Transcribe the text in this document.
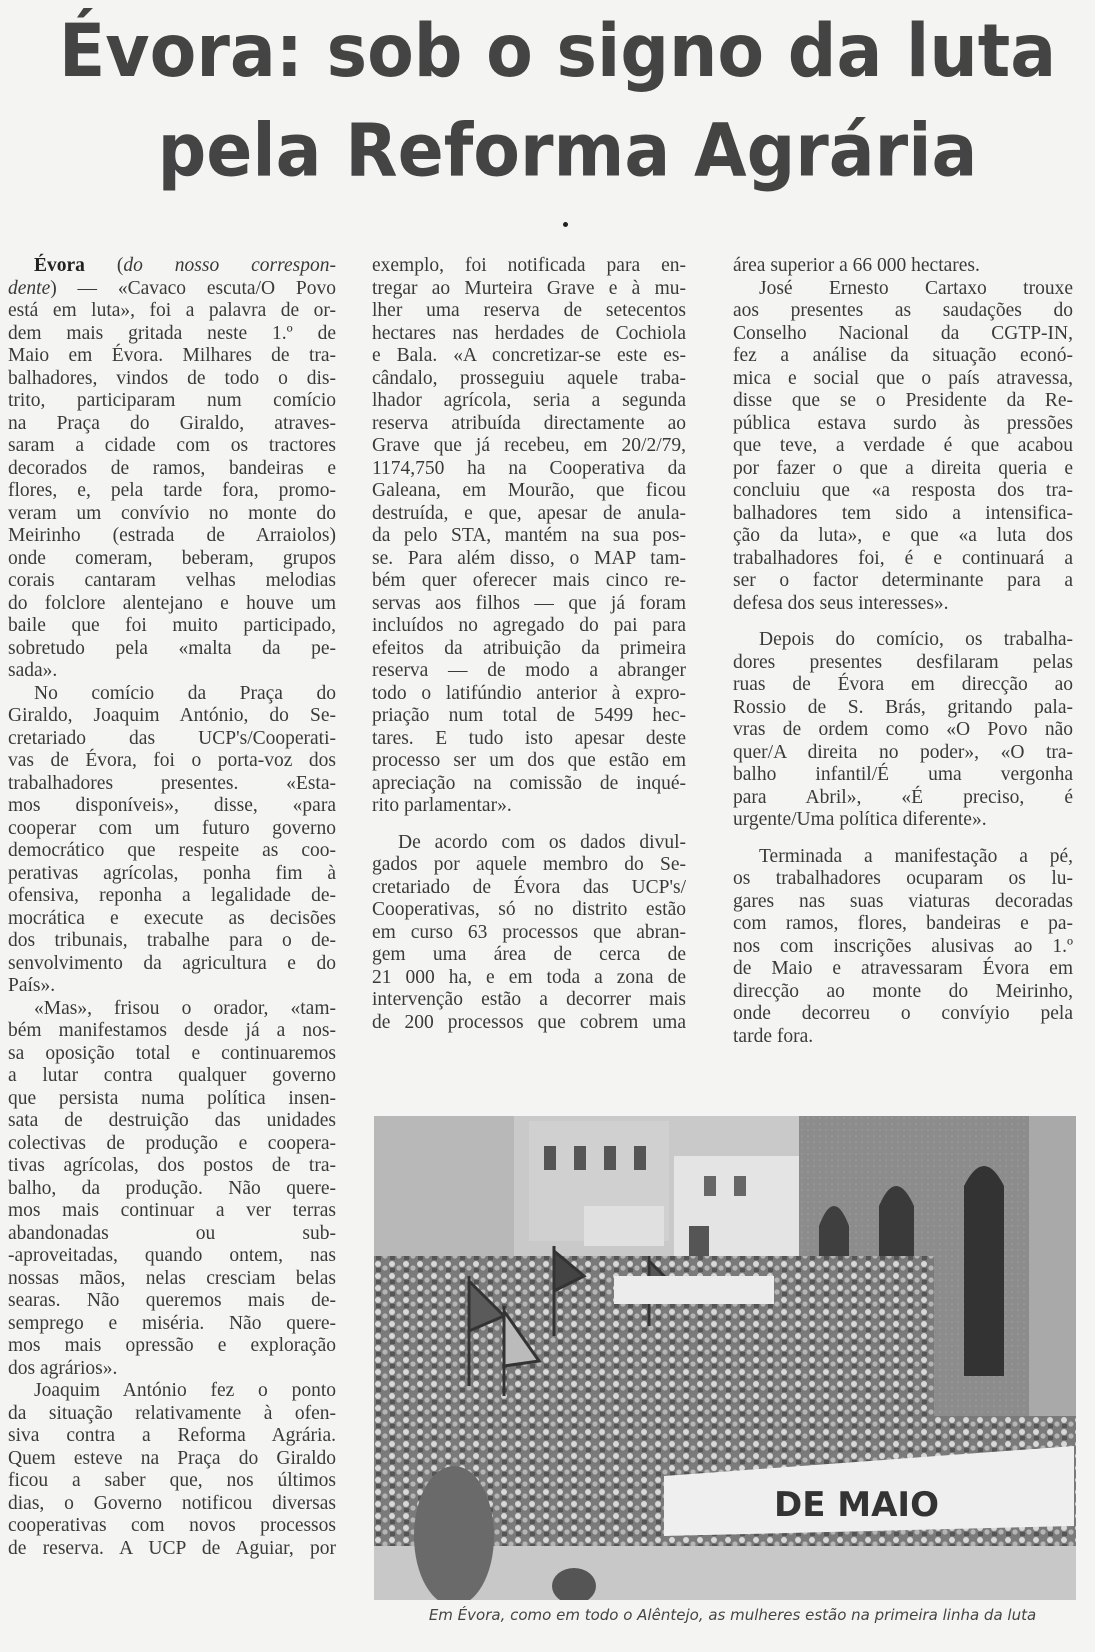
Évora: sob o signo da luta
pela Reforma Agrária
Évora (do nosso correspon-
dente) — «Cavaco escuta/O Povo
está em luta», foi a palavra de or-
dem mais gritada neste 1.º de
Maio em Évora. Milhares de tra-
balhadores, vindos de todo o dis-
trito, participaram num comício
na Praça do Giraldo, atraves-
saram a cidade com os tractores
decorados de ramos, bandeiras e
flores, e, pela tarde fora, promo-
veram um convívio no monte do
Meirinho (estrada de Arraiolos)
onde comeram, beberam, grupos
corais cantaram velhas melodias
do folclore alentejano e houve um
baile que foi muito participado,
sobretudo pela «malta da pe-
sada».
No comício da Praça do
Giraldo, Joaquim António, do Se-
cretariado das UCP's/Cooperati-
vas de Évora, foi o porta-voz dos
trabalhadores presentes. «Esta-
mos disponíveis», disse, «para
cooperar com um futuro governo
democrático que respeite as coo-
perativas agrícolas, ponha fim à
ofensiva, reponha a legalidade de-
mocrática e execute as decisões
dos tribunais, trabalhe para o de-
senvolvimento da agricultura e do
País».
«Mas», frisou o orador, «tam-
bém manifestamos desde já a nos-
sa oposição total e continuaremos
a lutar contra qualquer governo
que persista numa política insen-
sata de destruição das unidades
colectivas de produção e coopera-
tivas agrícolas, dos postos de tra-
balho, da produção. Não quere-
mos mais continuar a ver terras
abandonadas ou sub-
-aproveitadas, quando ontem, nas
nossas mãos, nelas cresciam belas
searas. Não queremos mais de-
semprego e miséria. Não quere-
mos mais opressão e exploração
dos agrários».
Joaquim António fez o ponto
da situação relativamente à ofen-
siva contra a Reforma Agrária.
Quem esteve na Praça do Giraldo
ficou a saber que, nos últimos
dias, o Governo notificou diversas
cooperativas com novos processos
de reserva. A UCP de Aguiar, por
exemplo, foi notificada para en-
tregar ao Murteira Grave e à mu-
lher uma reserva de setecentos
hectares nas herdades de Cochiola
e Bala. «A concretizar-se este es-
cândalo, prosseguiu aquele traba-
lhador agrícola, seria a segunda
reserva atribuída directamente ao
Grave que já recebeu, em 20/2/79,
1174,750 ha na Cooperativa da
Galeana, em Mourão, que ficou
destruída, e que, apesar de anula-
da pelo STA, mantém na sua pos-
se. Para além disso, o MAP tam-
bém quer oferecer mais cinco re-
servas aos filhos — que já foram
incluídos no agregado do pai para
efeitos da atribuição da primeira
reserva — de modo a abranger
todo o latifúndio anterior à expro-
priação num total de 5499 hec-
tares. E tudo isto apesar deste
processo ser um dos que estão em
apreciação na comissão de inqué-
rito parlamentar».
De acordo com os dados divul-
gados por aquele membro do Se-
cretariado de Évora das UCP's/
Cooperativas, só no distrito estão
em curso 63 processos que abran-
gem uma área de cerca de
21 000 ha, e em toda a zona de
intervenção estão a decorrer mais
de 200 processos que cobrem uma
área superior a 66 000 hectares.
José Ernesto Cartaxo trouxe
aos presentes as saudações do
Conselho Nacional da CGTP-IN,
fez a análise da situação econó-
mica e social que o país atravessa,
disse que se o Presidente da Re-
pública estava surdo às pressões
que teve, a verdade é que acabou
por fazer o que a direita queria e
concluiu que «a resposta dos tra-
balhadores tem sido a intensifica-
ção da luta», e que «a luta dos
trabalhadores foi, é e continuará a
ser o factor determinante para a
defesa dos seus interesses».
Depois do comício, os trabalha-
dores presentes desfilaram pelas
ruas de Évora em direcção ao
Rossio de S. Brás, gritando pala-
vras de ordem como «O Povo não
quer/A direita no poder», «O tra-
balho infantil/É uma vergonha
para Abril», «É preciso, é
urgente/Uma política diferente».
Terminada a manifestação a pé,
os trabalhadores ocuparam os lu-
gares nas suas viaturas decoradas
com ramos, flores, bandeiras e pa-
nos com inscrições alusivas ao 1.º
de Maio e atravessaram Évora em
direcção ao monte do Meirinho,
onde decorreu o convíyio pela
tarde fora.
DE MAIO
Em Évora, como em todo o Alêntejo, as mulheres estão na primeira linha da luta
